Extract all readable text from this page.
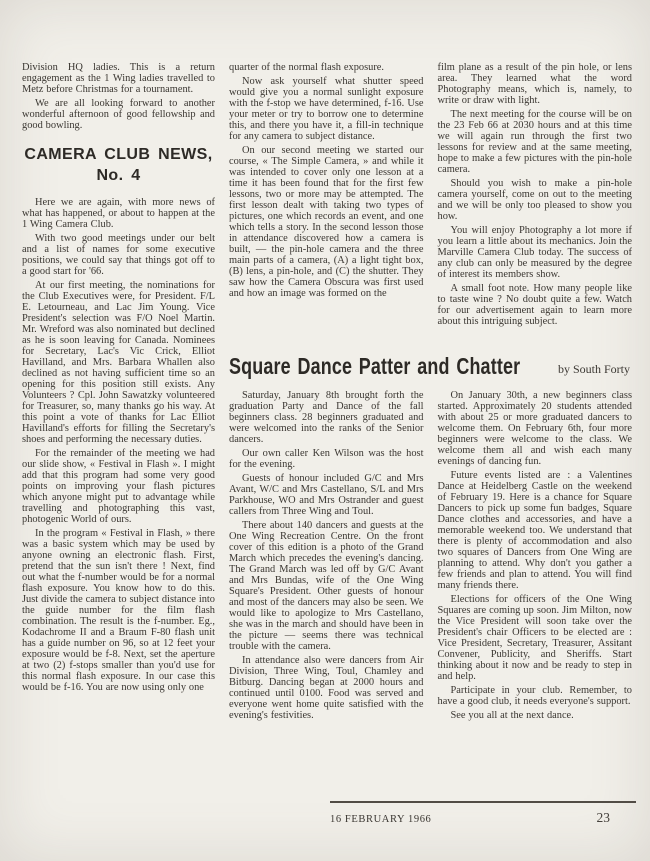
Division HQ ladies. This is a return engagement as the 1 Wing ladies travelled to Metz before Christmas for a tournament.

We are all looking forward to another wonderful afternoon of good fellowship and good bowling.

CAMERA CLUB NEWS,
No. 4

Here we are again, with more news of what has happened, or about to happen at the 1 Wing Camera Club.

With two good meetings under our belt and a list of names for some executive positions, we could say that things got off to a good start for '66.

At our first meeting, the nominations for the Club Executives were, for President. F/L E. Letourneau, and Lac Jim Young. Vice President's selection was F/O Noel Martin. Mr. Wreford was also nominated but declined as he is soon leaving for Canada. Nominees for Secretary, Lac's Vic Crick, Elliot Havilland, and Mrs. Barbara Whallen also declined as not having sufficient time so an opening for this position still exists. Any Volunteers ? Cpl. John Sawatzky volunteered for Treasurer, so, many thanks go his way. At this point a vote of thanks for Lac Elliot Havilland's efforts for filling the Secretary's shoes and performing the necessary duties.

For the remainder of the meeting we had our slide show, « Festival in Flash ». I might add that this program had some very good points on improving your flash pictures which anyone might put to advantage while travelling and photographing this vast, photogenic World of ours.

In the program « Festival in Flash, » there was a basic system which may be used by anyone owning an electronic flash. First, pretend that the sun isn't there ! Next, find out what the f-number would be for a normal flash exposure. You know how to do this. Just divide the camera to subject distance into the guide number for the film flash combination. The result is the f-number. Eg., Kodachrome II and a Braum F-80 flash unit has a guide number on 96, so at 12 feet your exposure would be f-8. Next, set the aperture at two (2) f-stops smaller than you'd use for this normal flash exposure. In our case this would be f-16. You are now using only one

quarter of the normal flash exposure.

Now ask yourself what shutter speed would give you a normal sunlight exposure with the f-stop we have determined, f-16. Use your meter or try to borrow one to determine this, and there you have it, a fill-in technique for any camera to subject distance.

On our second meeting we started our course, « The Simple Camera, » and while it was intended to cover only one lesson at a time it has been found that for the first few lessons, two or more may be attempted. The first lesson dealt with taking two types of pictures, one which records an event, and one which tells a story. In the second lesson those in attendance discovered how a camera is built, — the pin-hole camera and the three main parts of a camera, (A) a light tight box, (B) lens, a pin-hole, and (C) the shutter. They saw how the Camera Obscura was first used and how an image was formed on the

film plane as a result of the pin hole, or lens area. They learned what the word Photography means, which is, namely, to write or draw with light.

The next meeting for the course will be on the 23 Feb 66 at 2030 hours and at this time we will again run through the first two lessons for review and at the same meeting, hope to make a few pictures with the pin-hole camera.

Should you wish to make a pin-hole camera yourself, come on out to the meeting and we will be only too pleased to show you how.

You will enjoy Photography a lot more if you learn a little about its mechanics. Join the Marville Camera Club today. The success of any club can only be measured by the degree of interest its members show.

A small foot note. How many people like to taste wine ? No doubt quite a few. Watch for our advertisement again to learn more about this intriguing subject.

Square Dance Patter and Chatter	by South Forty

Saturday, January 8th brought forth the graduation Party and Dance of the fall beginners class. 28 beginners graduated and were welcomed into the ranks of the Senior dancers.

Our own caller Ken Wilson was the host for the evening.

Guests of honour included G/C and Mrs Avant, W/C and Mrs Castellano, S/L and Mrs Parkhouse, WO and Mrs Ostrander and guest callers from Three Wing and Toul.

There about 140 dancers and guests at the One Wing Recreation Centre. On the front cover of this edition is a photo of the Grand March which precedes the evening's dancing. The Grand March was led off by G/C Avant and Mrs Bundas, wife of the One Wing Square's President. Other guests of honour and most of the dancers may also be seen. We would like to apologize to Mrs Castellano, she was in the march and should have been in the picture — seems there was technical trouble with the camera.

In attendance also were dancers from Air Division, Three Wing, Toul, Chamley and Bitburg. Dancing began at 2000 hours and continued until 0100. Food was served and everyone went home quite satisfied with the evening's festivities.

On January 30th, a new beginners class started. Approximately 20 students attended with about 25 or more graduated dancers to welcome them. On February 6th, four more beginners were welcome to the class. We welcome them all and wish each many evenings of dancing fun.

Future events listed are : a Valentines Dance at Heidelberg Castle on the weekend of February 19. Here is a chance for Square Dancers to pick up some fun badges, Square Dance clothes and accessories, and have a memorable weekend too. We understand that there is plenty of accommodation and also two squares of Dancers from One Wing are planning to attend. Why don't you gather a few friends and plan to attend. You will find many friends there.

Elections for officers of the One Wing Squares are coming up soon. Jim Milton, now the Vice President will soon take over the President's chair Officers to be elected are : Vice President, Secretary, Treasurer, Assitant Convener, Publicity, and Sheriffs. Start thinking about it now and be ready to step in and help.

Participate in your club. Remember, to have a good club, it needs everyone's support.

See you all at the next dance.

16 FEBRUARY 1966	23
